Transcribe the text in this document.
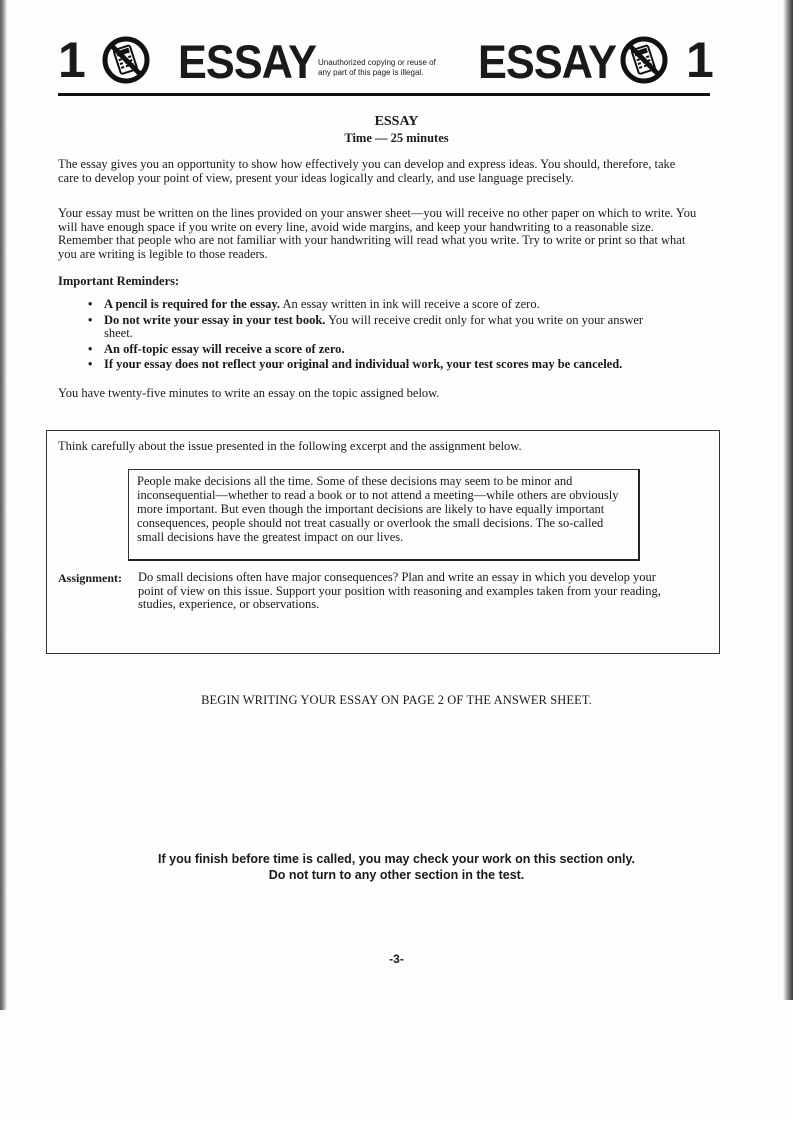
1 ESSAY Unauthorized copying or reuse of
any part of this page is illegal.	ESSAY 1
ESSAY
Time — 25 minutes
The essay gives you an opportunity to show how effectively you can develop and express ideas. You should, therefore, take care to develop your point of view, present your ideas logically and clearly, and use language precisely.
Your essay must be written on the lines provided on your answer sheet—you will receive no other paper on which to write. You will have enough space if you write on every line, avoid wide margins, and keep your handwriting to a reasonable size. Remember that people who are not familiar with your handwriting will read what you write. Try to write or print so that what you are writing is legible to those readers.
Important Reminders:
• A pencil is required for the essay. An essay written in ink will receive a score of zero.
• Do not write your essay in your test book. You will receive credit only for what you write on your answer sheet.
• An off-topic essay will receive a score of zero.
• If your essay does not reflect your original and individual work, your test scores may be canceled.
You have twenty-five minutes to write an essay on the topic assigned below.
Think carefully about the issue presented in the following excerpt and the assignment below.
People make decisions all the time. Some of these decisions may seem to be minor and inconsequential—whether to read a book or to not attend a meeting—while others are obviously more important. But even though the important decisions are likely to have equally important consequences, people should not treat casually or overlook the small decisions. The so-called small decisions have the greatest impact on our lives.
Assignment: Do small decisions often have major consequences? Plan and write an essay in which you develop your point of view on this issue. Support your position with reasoning and examples taken from your reading, studies, experience, or observations.
BEGIN WRITING YOUR ESSAY ON PAGE 2 OF THE ANSWER SHEET.
If you finish before time is called, you may check your work on this section only.
Do not turn to any other section in the test.
-3-
